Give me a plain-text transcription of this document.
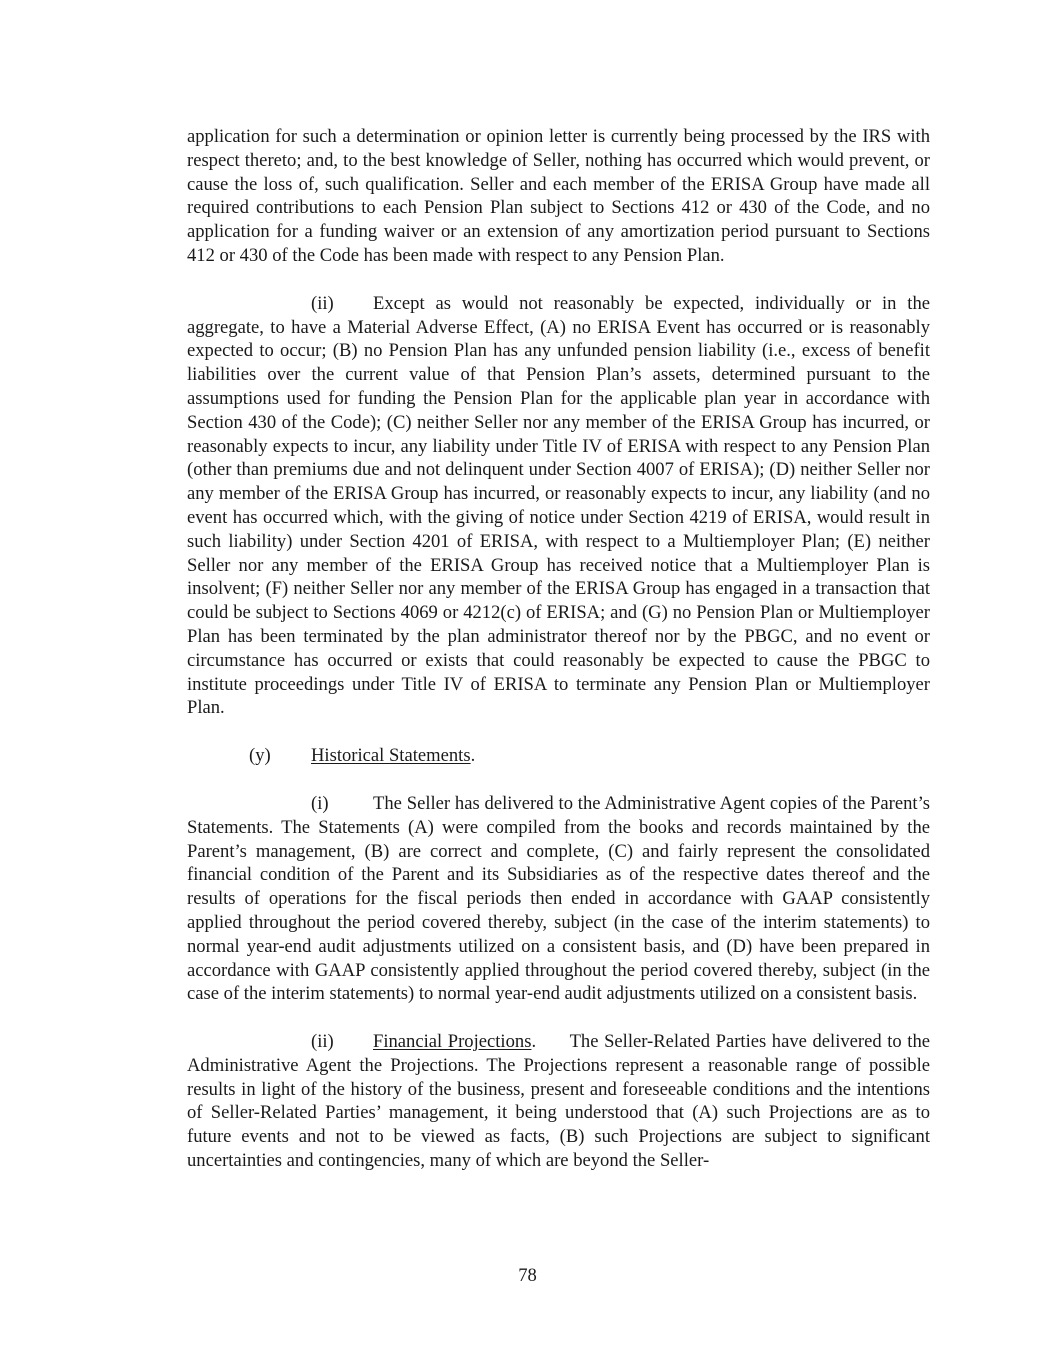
application for such a determination or opinion letter is currently being processed by the IRS with respect thereto; and, to the best knowledge of Seller, nothing has occurred which would prevent, or cause the loss of, such qualification. Seller and each member of the ERISA Group have made all required contributions to each Pension Plan subject to Sections 412 or 430 of the Code, and no application for a funding waiver or an extension of any amortization period pursuant to Sections 412 or 430 of the Code has been made with respect to any Pension Plan.

(ii) Except as would not reasonably be expected, individually or in the aggregate, to have a Material Adverse Effect, (A) no ERISA Event has occurred or is reasonably expected to occur; (B) no Pension Plan has any unfunded pension liability (i.e., excess of benefit liabilities over the current value of that Pension Plan’s assets, determined pursuant to the assumptions used for funding the Pension Plan for the applicable plan year in accordance with Section 430 of the Code); (C) neither Seller nor any member of the ERISA Group has incurred, or reasonably expects to incur, any liability under Title IV of ERISA with respect to any Pension Plan (other than premiums due and not delinquent under Section 4007 of ERISA); (D) neither Seller nor any member of the ERISA Group has incurred, or reasonably expects to incur, any liability (and no event has occurred which, with the giving of notice under Section 4219 of ERISA, would result in such liability) under Section 4201 of ERISA, with respect to a Multiemployer Plan; (E) neither Seller nor any member of the ERISA Group has received notice that a Multiemployer Plan is insolvent; (F) neither Seller nor any member of the ERISA Group has engaged in a transaction that could be subject to Sections 4069 or 4212(c) of ERISA; and (G) no Pension Plan or Multiemployer Plan has been terminated by the plan administrator thereof nor by the PBGC, and no event or circumstance has occurred or exists that could reasonably be expected to cause the PBGC to institute proceedings under Title IV of ERISA to terminate any Pension Plan or Multiemployer Plan.

(y) Historical Statements.

(i) The Seller has delivered to the Administrative Agent copies of the Parent’s Statements. The Statements (A) were compiled from the books and records maintained by the Parent’s management, (B) are correct and complete, (C) and fairly represent the consolidated financial condition of the Parent and its Subsidiaries as of the respective dates thereof and the results of operations for the fiscal periods then ended in accordance with GAAP consistently applied throughout the period covered thereby, subject (in the case of the interim statements) to normal year-end audit adjustments utilized on a consistent basis, and (D) have been prepared in accordance with GAAP consistently applied throughout the period covered thereby, subject (in the case of the interim statements) to normal year-end audit adjustments utilized on a consistent basis.

(ii) Financial Projections. The Seller-Related Parties have delivered to the Administrative Agent the Projections. The Projections represent a reasonable range of possible results in light of the history of the business, present and foreseeable conditions and the intentions of Seller-Related Parties’ management, it being understood that (A) such Projections are as to future events and not to be viewed as facts, (B) such Projections are subject to significant uncertainties and contingencies, many of which are beyond the Seller-

78
